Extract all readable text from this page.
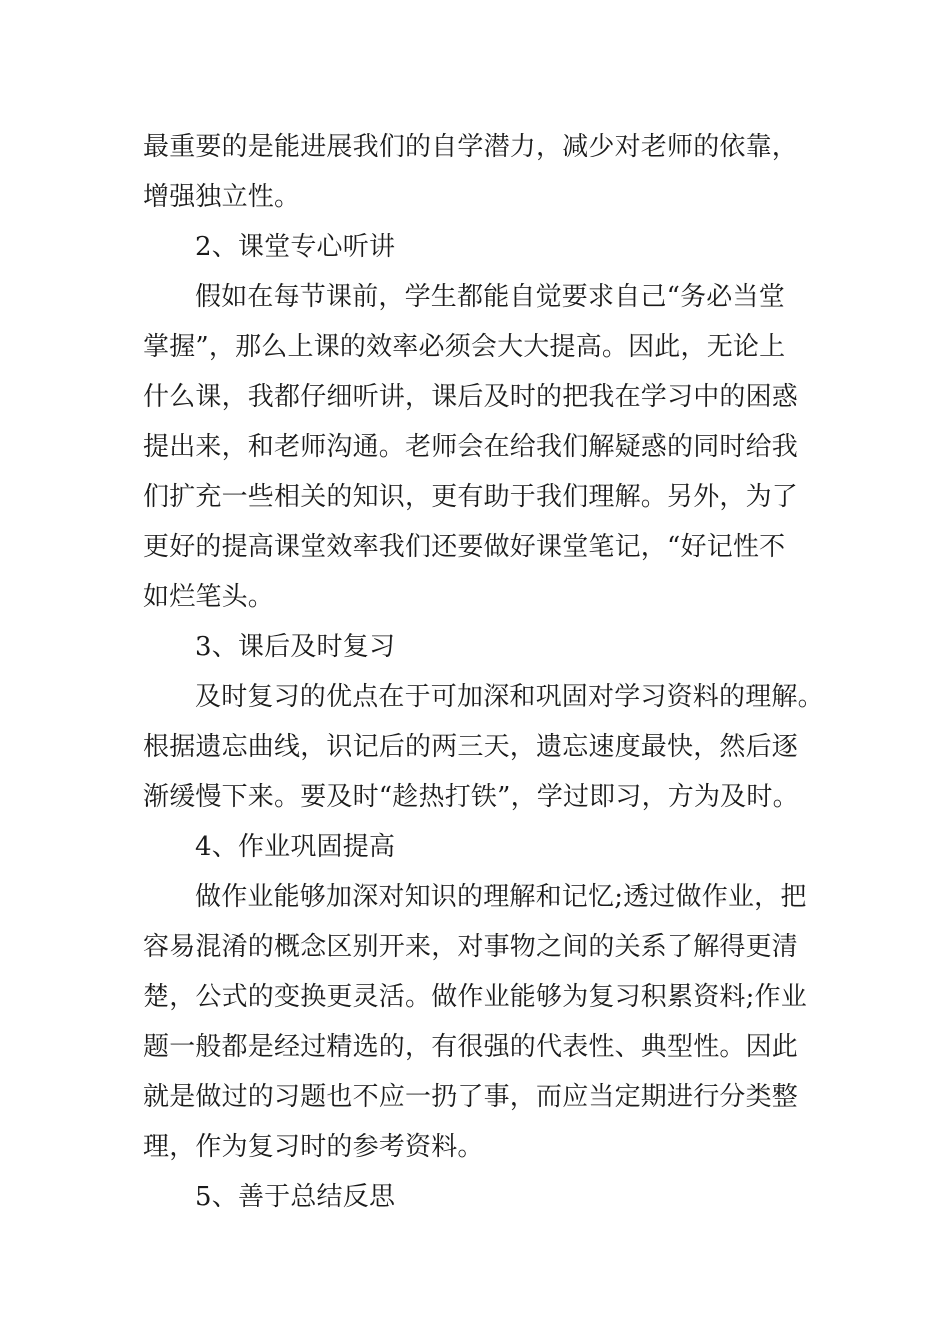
最重要的是能进展我们的自学潜力，减少对老师的依靠，
增强独立性。
2、课堂专心听讲
假如在每节课前，学生都能自觉要求自己“务必当堂
掌握”，那么上课的效率必须会大大提高。因此，无论上
什么课，我都仔细听讲，课后及时的把我在学习中的困惑
提出来，和老师沟通。老师会在给我们解疑惑的同时给我
们扩充一些相关的知识，更有助于我们理解。另外，为了
更好的提高课堂效率我们还要做好课堂笔记，“好记性不
如烂笔头。
3、课后及时复习
及时复习的优点在于可加深和巩固对学习资料的理解。
根据遗忘曲线，识记后的两三天，遗忘速度最快，然后逐
渐缓慢下来。要及时“趁热打铁”，学过即习，方为及时。
4、作业巩固提高
做作业能够加深对知识的理解和记忆;透过做作业，把
容易混淆的概念区别开来，对事物之间的关系了解得更清
楚，公式的变换更灵活。做作业能够为复习积累资料;作业
题一般都是经过精选的，有很强的代表性、典型性。因此
就是做过的习题也不应一扔了事，而应当定期进行分类整
理，作为复习时的参考资料。
5、善于总结反思
